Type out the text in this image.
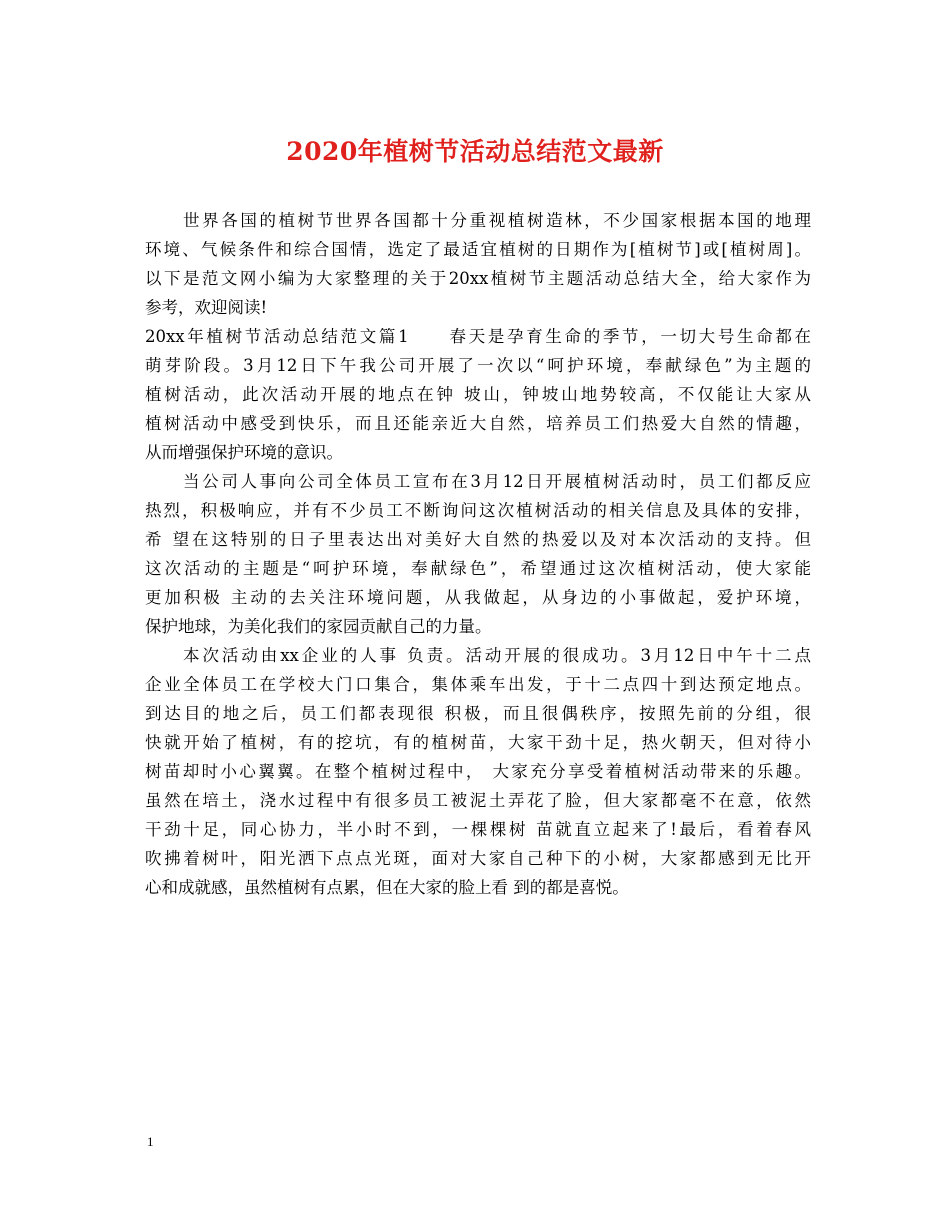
2020年植树节活动总结范文最新
世界各国的植树节世界各国都十分重视植树造林，不少国家根据本国的地理
环境、气候条件和综合国情，选定了最适宜植树的日期作为[植树节]或[植树周]。
以下是范文网小编为大家整理的关于20xx植树节主题活动总结大全，给大家作为
参考，欢迎阅读!
20xx年植树节活动总结范文篇1　　春天是孕育生命的季节，一切大号生命都在
萌芽阶段。3月12日下午我公司开展了一次以“呵护环境，奉献绿色”为主题的
植树活动，此次活动开展的地点在钟 坡山，钟坡山地势较高，不仅能让大家从
植树活动中感受到快乐，而且还能亲近大自然，培养员工们热爱大自然的情趣，
从而增强保护环境的意识。
当公司人事向公司全体员工宣布在3月12日开展植树活动时，员工们都反应
热烈，积极响应，并有不少员工不断询问这次植树活动的相关信息及具体的安排，
希 望在这特别的日子里表达出对美好大自然的热爱以及对本次活动的支持。但
这次活动的主题是“呵护环境，奉献绿色”，希望通过这次植树活动，使大家能
更加积极 主动的去关注环境问题，从我做起，从身边的小事做起，爱护环境，
保护地球，为美化我们的家园贡献自己的力量。
本次活动由xx企业的人事 负责。活动开展的很成功。3月12日中午十二点
企业全体员工在学校大门口集合，集体乘车出发，于十二点四十到达预定地点。
到达目的地之后，员工们都表现很 积极，而且很偶秩序，按照先前的分组，很
快就开始了植树，有的挖坑，有的植树苗，大家干劲十足，热火朝天，但对待小
树苗却时小心翼翼。在整个植树过程中， 大家充分享受着植树活动带来的乐趣。
虽然在培土，浇水过程中有很多员工被泥土弄花了脸，但大家都毫不在意，依然
干劲十足，同心协力，半小时不到，一棵棵树 苗就直立起来了!最后，看着春风
吹拂着树叶，阳光洒下点点光斑，面对大家自己种下的小树，大家都感到无比开
心和成就感，虽然植树有点累，但在大家的脸上看 到的都是喜悦。
1
